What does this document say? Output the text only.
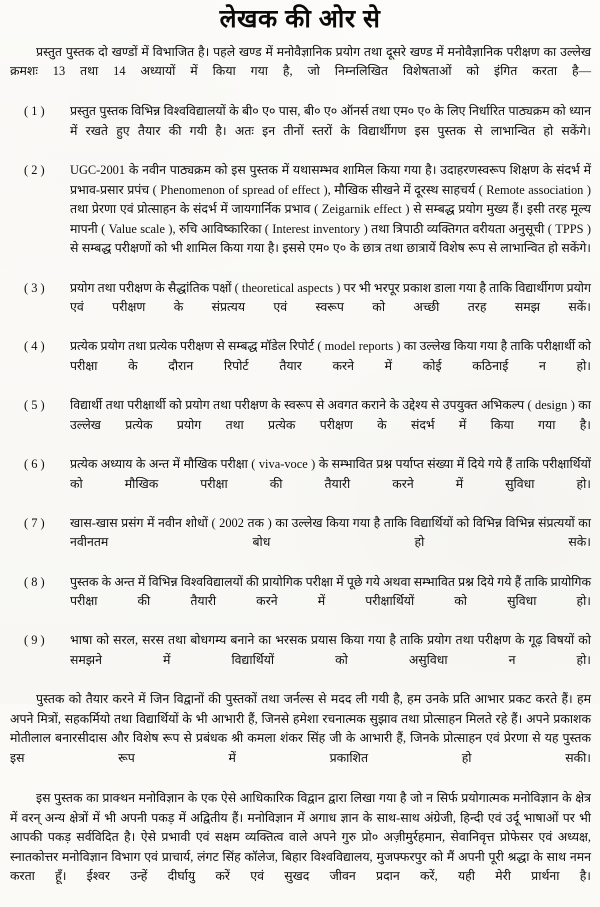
लेखक की ओर से

प्रस्तुत पुस्तक दो खण्डों में विभाजित है। पहले खण्ड में मनोवैज्ञानिक प्रयोग तथा दूसरे खण्ड में मनोवैज्ञानिक परीक्षण का उल्लेख क्रमशः 13 तथा 14 अध्यायों में किया गया है, जो निम्नलिखित विशेषताओं को इंगित करता है—

( 1 )	प्रस्तुत पुस्तक विभिन्न विश्वविद्यालयों के बी० ए० पास, बी० ए० ऑनर्स तथा एम० ए० के लिए निर्धारित पाठ्यक्रम को ध्यान में रखते हुए तैयार की गयी है। अतः इन तीनों स्तरों के विद्यार्थीगण इस पुस्तक से लाभान्वित हो सकेंगे।
( 2 )	UGC-2001 के नवीन पाठ्यक्रम को इस पुस्तक में यथासम्भव शामिल किया गया है। उदाहरणस्वरूप शिक्षण के संदर्भ में प्रभाव-प्रसार प्रपंच ( Phenomenon of spread of effect ), मौखिक सीखने में दूरस्थ साहचर्य ( Remote association ) तथा प्रेरणा एवं प्रोत्साहन के संदर्भ में जायगार्निक प्रभाव ( Zeigarnik effect ) से सम्बद्ध प्रयोग मुख्य हैं। इसी तरह मूल्य मापनी ( Value scale ), रुचि आविष्कारिका ( Interest inventory ) तथा त्रिपाठी व्यक्तिगत वरीयता अनुसूची ( TPPS ) से सम्बद्ध परीक्षणों को भी शामिल किया गया है। इससे एम० ए० के छात्र तथा छात्रायें विशेष रूप से लाभान्वित हो सकेंगे।
( 3 )	प्रयोग तथा परीक्षण के सैद्धांतिक पक्षों ( theoretical aspects ) पर भी भरपूर प्रकाश डाला गया है ताकि विद्यार्थीगण प्रयोग एवं परीक्षण के संप्रत्यय एवं स्वरूप को अच्छी तरह समझ सकें।
( 4 )	प्रत्येक प्रयोग तथा प्रत्येक परीक्षण से सम्बद्ध मॉडेल रिपोर्ट ( model reports ) का उल्लेख किया गया है ताकि परीक्षार्थी को परीक्षा के दौरान रिपोर्ट तैयार करने में कोई कठिनाई न हो।
( 5 )	विद्यार्थी तथा परीक्षार्थी को प्रयोग तथा परीक्षण के स्वरूप से अवगत कराने के उद्देश्य से उपयुक्त अभिकल्प ( design ) का उल्लेख प्रत्येक प्रयोग तथा प्रत्येक परीक्षण के संदर्भ में किया गया है।
( 6 )	प्रत्येक अध्याय के अन्त में मौखिक परीक्षा ( viva-voce ) के सम्भावित प्रश्न पर्याप्त संख्या में दिये गये हैं ताकि परीक्षार्थियों को मौखिक परीक्षा की तैयारी करने में सुविधा हो।
( 7 )	खास-खास प्रसंग में नवीन शोधों ( 2002 तक ) का उल्लेख किया गया है ताकि विद्यार्थियों को विभिन्न विभिन्न संप्रत्ययों का नवीनतम बोध हो सके।
( 8 )	पुस्तक के अन्त में विभिन्न विश्वविद्यालयों की प्रायोगिक परीक्षा में पूछे गये अथवा सम्भावित प्रश्न दिये गये हैं ताकि प्रायोगिक परीक्षा की तैयारी करने में परीक्षार्थियों को सुविधा हो।
( 9 )	भाषा को सरल, सरस तथा बोधगम्य बनाने का भरसक प्रयास किया गया है ताकि प्रयोग तथा परीक्षण के गूढ़ विषयों को समझने में विद्यार्थियों को असुविधा न हो।

पुस्तक को तैयार करने में जिन विद्वानों की पुस्तकों तथा जर्नल्स से मदद ली गयी है, हम उनके प्रति आभार प्रकट करते हैं। हम अपने मित्रों, सहकर्मियो तथा विद्यार्थियों के भी आभारी हैं, जिनसे हमेशा रचनात्मक सुझाव तथा प्रोत्साहन मिलते रहे हैं। अपने प्रकाशक मोतीलाल बनारसीदास और विशेष रूप से प्रबंधक श्री कमला शंकर सिंह जी के आभारी हैं, जिनके प्रोत्साहन एवं प्रेरणा से यह पुस्तक इस रूप में प्रकाशित हो सकी।

इस पुस्तक का प्राक्थन मनोविज्ञान के एक ऐसे आधिकारिक विद्वान द्वारा लिखा गया है जो न सिर्फ प्रयोगात्मक मनोविज्ञान के क्षेत्र में वरन् अन्य क्षेत्रों में भी अपनी पकड़ में अद्वितीय हैं। मनोविज्ञान में अगाध ज्ञान के साथ-साथ अंग्रेजी, हिन्दी एवं उर्दू भाषाओं पर भी आपकी पकड़ सर्वविदित है। ऐसे प्रभावी एवं सक्षम व्यक्तित्व वाले अपने गुरु प्रो० अज़ीमुर्रहमान, सेवानिवृत्त प्रोफेसर एवं अध्यक्ष, स्नातकोत्तर मनोविज्ञान विभाग एवं प्राचार्य, लंगट सिंह कॉलेज, बिहार विश्वविद्यालय, मुजफ्फरपुर को मैं अपनी पूरी श्रद्धा के साथ नमन करता हूँ। ईश्वर उन्हें दीर्घायु करें एवं सुखद जीवन प्रदान करें, यही मेरी प्रार्थना है।
